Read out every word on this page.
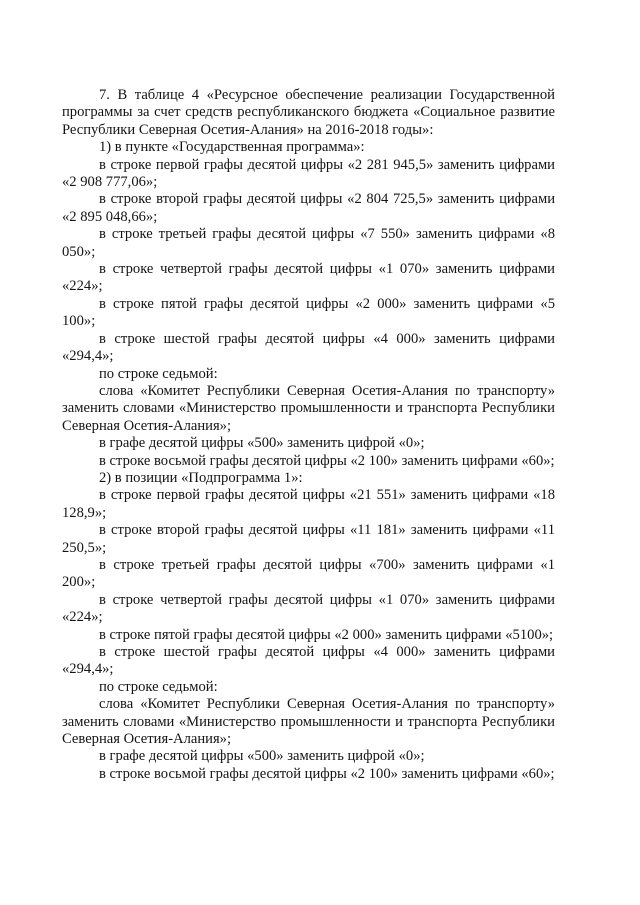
7. В таблице 4 «Ресурсное обеспечение реализации Государственной программы за счет средств республиканского бюджета «Социальное развитие Республики Северная Осетия-Алания» на 2016-2018 годы»:

1) в пункте «Государственная программа»:

в строке первой графы десятой цифры «2 281 945,5» заменить цифрами «2 908 777,06»;

в строке второй графы десятой цифры «2 804 725,5» заменить цифрами «2 895 048,66»;

в строке третьей графы десятой цифры «7 550» заменить цифрами «8 050»;

в строке четвертой графы десятой цифры «1 070» заменить цифрами «224»;

в строке пятой графы десятой цифры «2 000» заменить цифрами «5 100»;

в строке шестой графы десятой цифры «4 000» заменить цифрами «294,4»;

по строке седьмой:

слова «Комитет Республики Северная Осетия-Алания по транспорту» заменить словами «Министерство промышленности и транспорта Республики Северная Осетия-Алания»;

в графе десятой цифры «500» заменить цифрой «0»;

в строке восьмой графы десятой цифры «2 100» заменить цифрами «60»;

2) в позиции «Подпрограмма 1»:

в строке первой графы десятой цифры «21 551» заменить цифрами «18 128,9»;

в строке второй графы десятой цифры «11 181» заменить цифрами «11 250,5»;

в строке третьей графы десятой цифры «700» заменить цифрами «1 200»;

в строке четвертой графы десятой цифры «1 070» заменить цифрами «224»;

в строке пятой графы десятой цифры «2 000» заменить цифрами «5100»;

в строке шестой графы десятой цифры «4 000» заменить цифрами «294,4»;

по строке седьмой:

слова «Комитет Республики Северная Осетия-Алания по транспорту» заменить словами «Министерство промышленности и транспорта Республики Северная Осетия-Алания»;

в графе десятой цифры «500» заменить цифрой «0»;

в строке восьмой графы десятой цифры «2 100» заменить цифрами «60»;
